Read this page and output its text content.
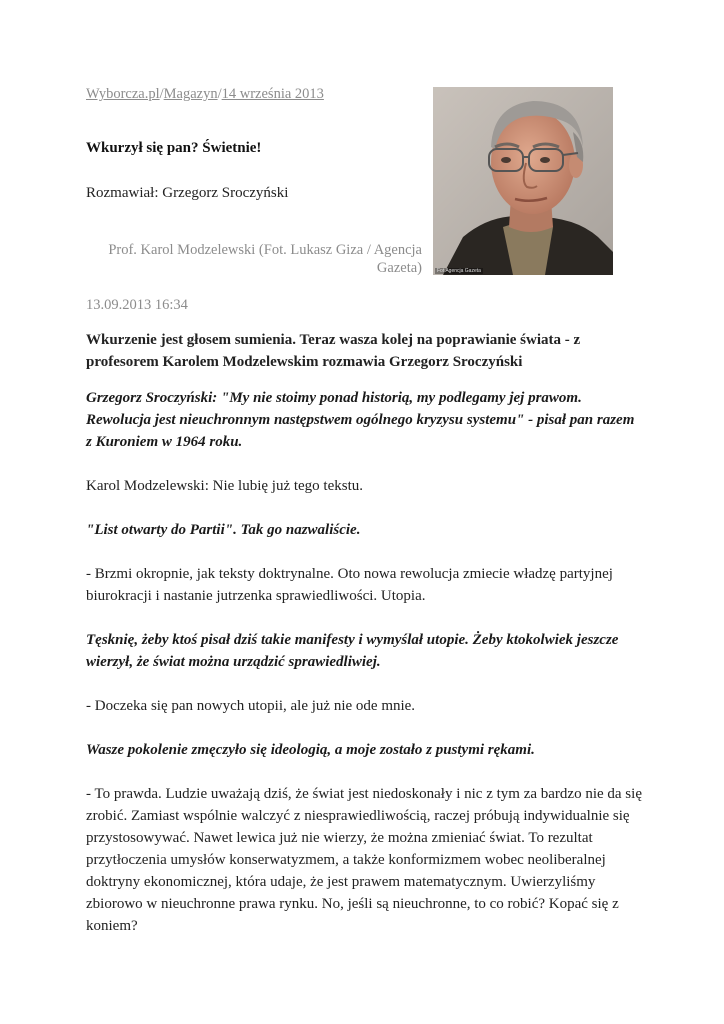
Wyborcza.pl/Magazyn/14 września 2013
Wkurzył się pan? Świetnie!
Rozmawiał: Grzegorz Sroczyński
Prof. Karol Modzelewski (Fot. Lukasz Giza / Agencja Gazeta)	Fot Agencja Gazeta
13.09.2013 16:34

Wkurzenie jest głosem sumienia. Teraz wasza kolej na poprawianie świata - z profesorem Karolem Modzelewskim rozmawia Grzegorz Sroczyński

Grzegorz Sroczyński: "My nie stoimy ponad historią, my podlegamy jej prawom. Rewolucja jest nieuchronnym następstwem ogólnego kryzysu systemu" - pisał pan razem z Kuroniem w 1964 roku.

Karol Modzelewski: Nie lubię już tego tekstu.

"List otwarty do Partii". Tak go nazwaliście.

- Brzmi okropnie, jak teksty doktrynalne. Oto nowa rewolucja zmiecie władzę partyjnej biurokracji i nastanie jutrzenka sprawiedliwości. Utopia.

Tęsknię, żeby ktoś pisał dziś takie manifesty i wymyślał utopie. Żeby ktokolwiek jeszcze wierzył, że świat można urządzić sprawiedliwiej.

- Doczeka się pan nowych utopii, ale już nie ode mnie.

Wasze pokolenie zmęczyło się ideologią, a moje zostało z pustymi rękami.

- To prawda. Ludzie uważają dziś, że świat jest niedoskonały i nic z tym za bardzo nie da się zrobić. Zamiast wspólnie walczyć z niesprawiedliwością, raczej próbują indywidualnie się przystosowywać. Nawet lewica już nie wierzy, że można zmieniać świat. To rezultat przytłoczenia umysłów konserwatyzmem, a także konformizmem wobec neoliberalnej doktryny ekonomicznej, która udaje, że jest prawem matematycznym. Uwierzyliśmy zbiorowo w nieuchronne prawa rynku. No, jeśli są nieuchronne, to co robić? Kopać się z koniem?
